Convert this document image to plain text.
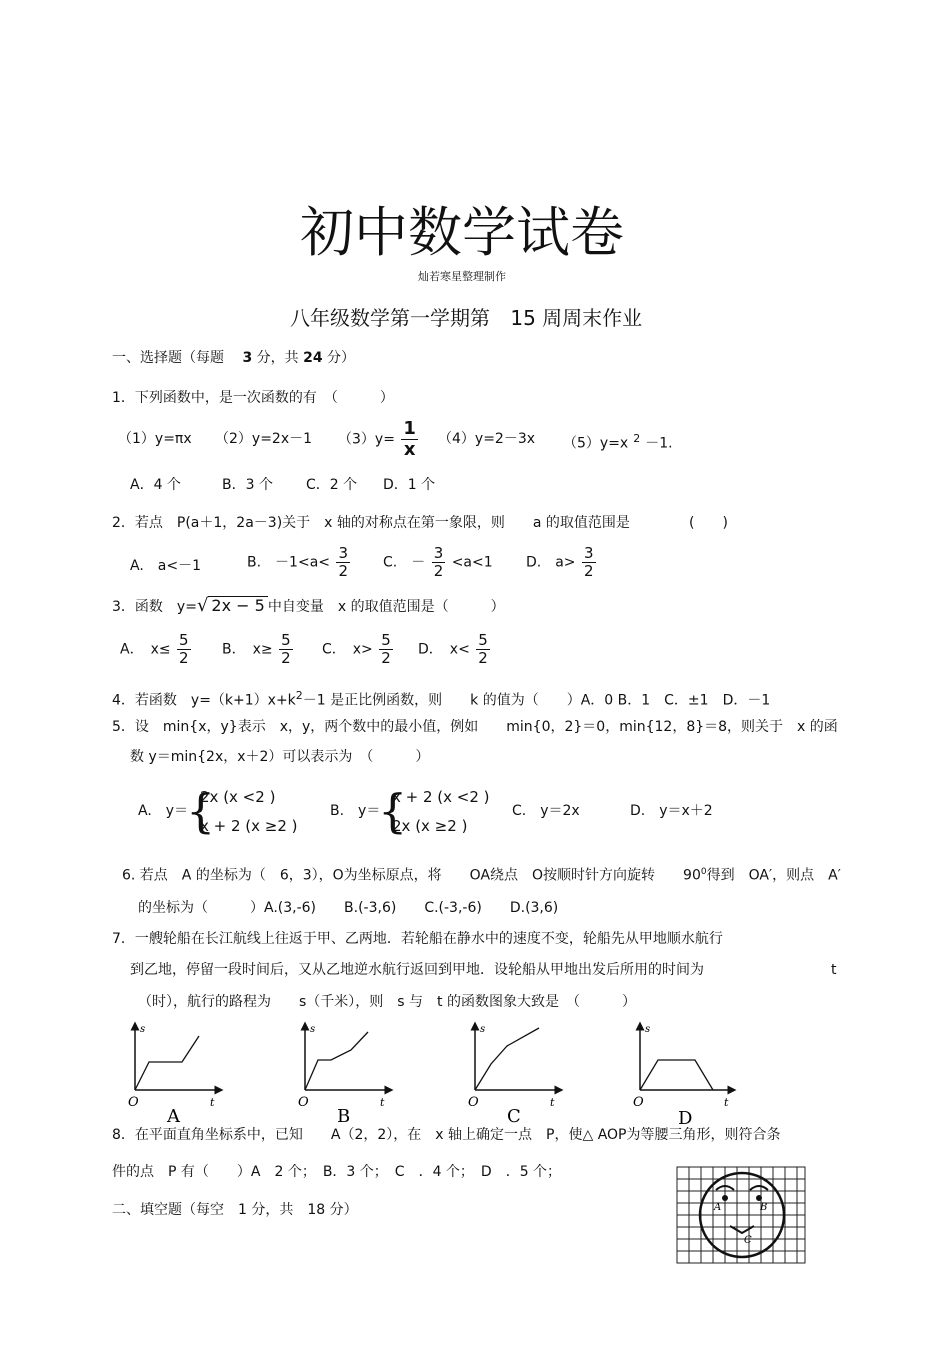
初中数学试卷
灿若寒星整理制作
八年级数学第一学期第 15 周周末作业
一、选择题（每题 3 分，共 24 分）
1．下列函数中，是一次函数的有　（　　　）
（1）y=πx （2）y=2x－1 $(3)y= \frac{1}{x} (4)y=2-3x$ （5）y=x $^2$ －1.
A．4 个	B．3 个 C．2 个 D．1 个
2．若点　P(a＋1，2a－3)关于　x 轴的对称点在第一象限，则　　a 的取值范围是	(　　)
A.　a<－1	B.　$-1<a< \frac{3}{2} C$.　－ $\frac{3}{2} <a<1$ D.　$a> \frac{3}{2}$
3．函数　y=√ 2x − 5 中自变量　x 的取值范围是（　　　）
A．　$x\le \frac{5}{2}$ B．　$x\ge \frac{5}{2}$ C．　$x> \frac{5}{2}$ D．　$x< \frac{5}{2}$
4．若函数　$y=(k+1)x+k^2-1$ 是正比例函数，则　　k 的值为（　　）A．0 B．1　C．±1　D．－1
5．设　min{x，y}表示　x，y，两个数中的最小值，例如　　min{0，2}＝0，min{12，8}＝8，则关于　x 的函
数 y＝min{2x，x＋2）可以表示为　（　　　）
A.　y＝
{
2x (x <2 )
x + 2 (x ≥2 )
B.　y＝
{
x + 2 (x <2 )
2x (x ≥2 )
C.　y＝2x	D.　y＝x＋2
6. 若点　A 的坐标为（　6，3），O为坐标原点，将　　OA绕点　O按顺时针方向旋转　　$90^0$得到　OA′，则点　A′
的坐标为（　　　）A.(3,-6)　　B.(-3,6)　　C.(-3,-6)　　D.(3,6)
7．一艘轮船在长江航线上往返于甲、乙两地．若轮船在静水中的速度不变，轮船先从甲地顺水航行
到乙地，停留一段时间后，又从乙地逆水航行返回到甲地．设轮船从甲地出发后所用的时间为	t
（时），航行的路程为　　s（千米），则　s 与　t 的函数图象大致是　（　　　）
s
t
O
A
s
t
O
B
s
t
O
C
s
t
O
D
8．在平面直角坐标系中，已知　　A（2，2），在　x 轴上确定一点　P，使△ AOP为等腰三角形，则符合条
件的点　P 有（　　）A　2 个；　B．3 个；　C　．4 个；　D　．5 个；
A	B
C
二、填空题（每空　1 分，共　18 分）
